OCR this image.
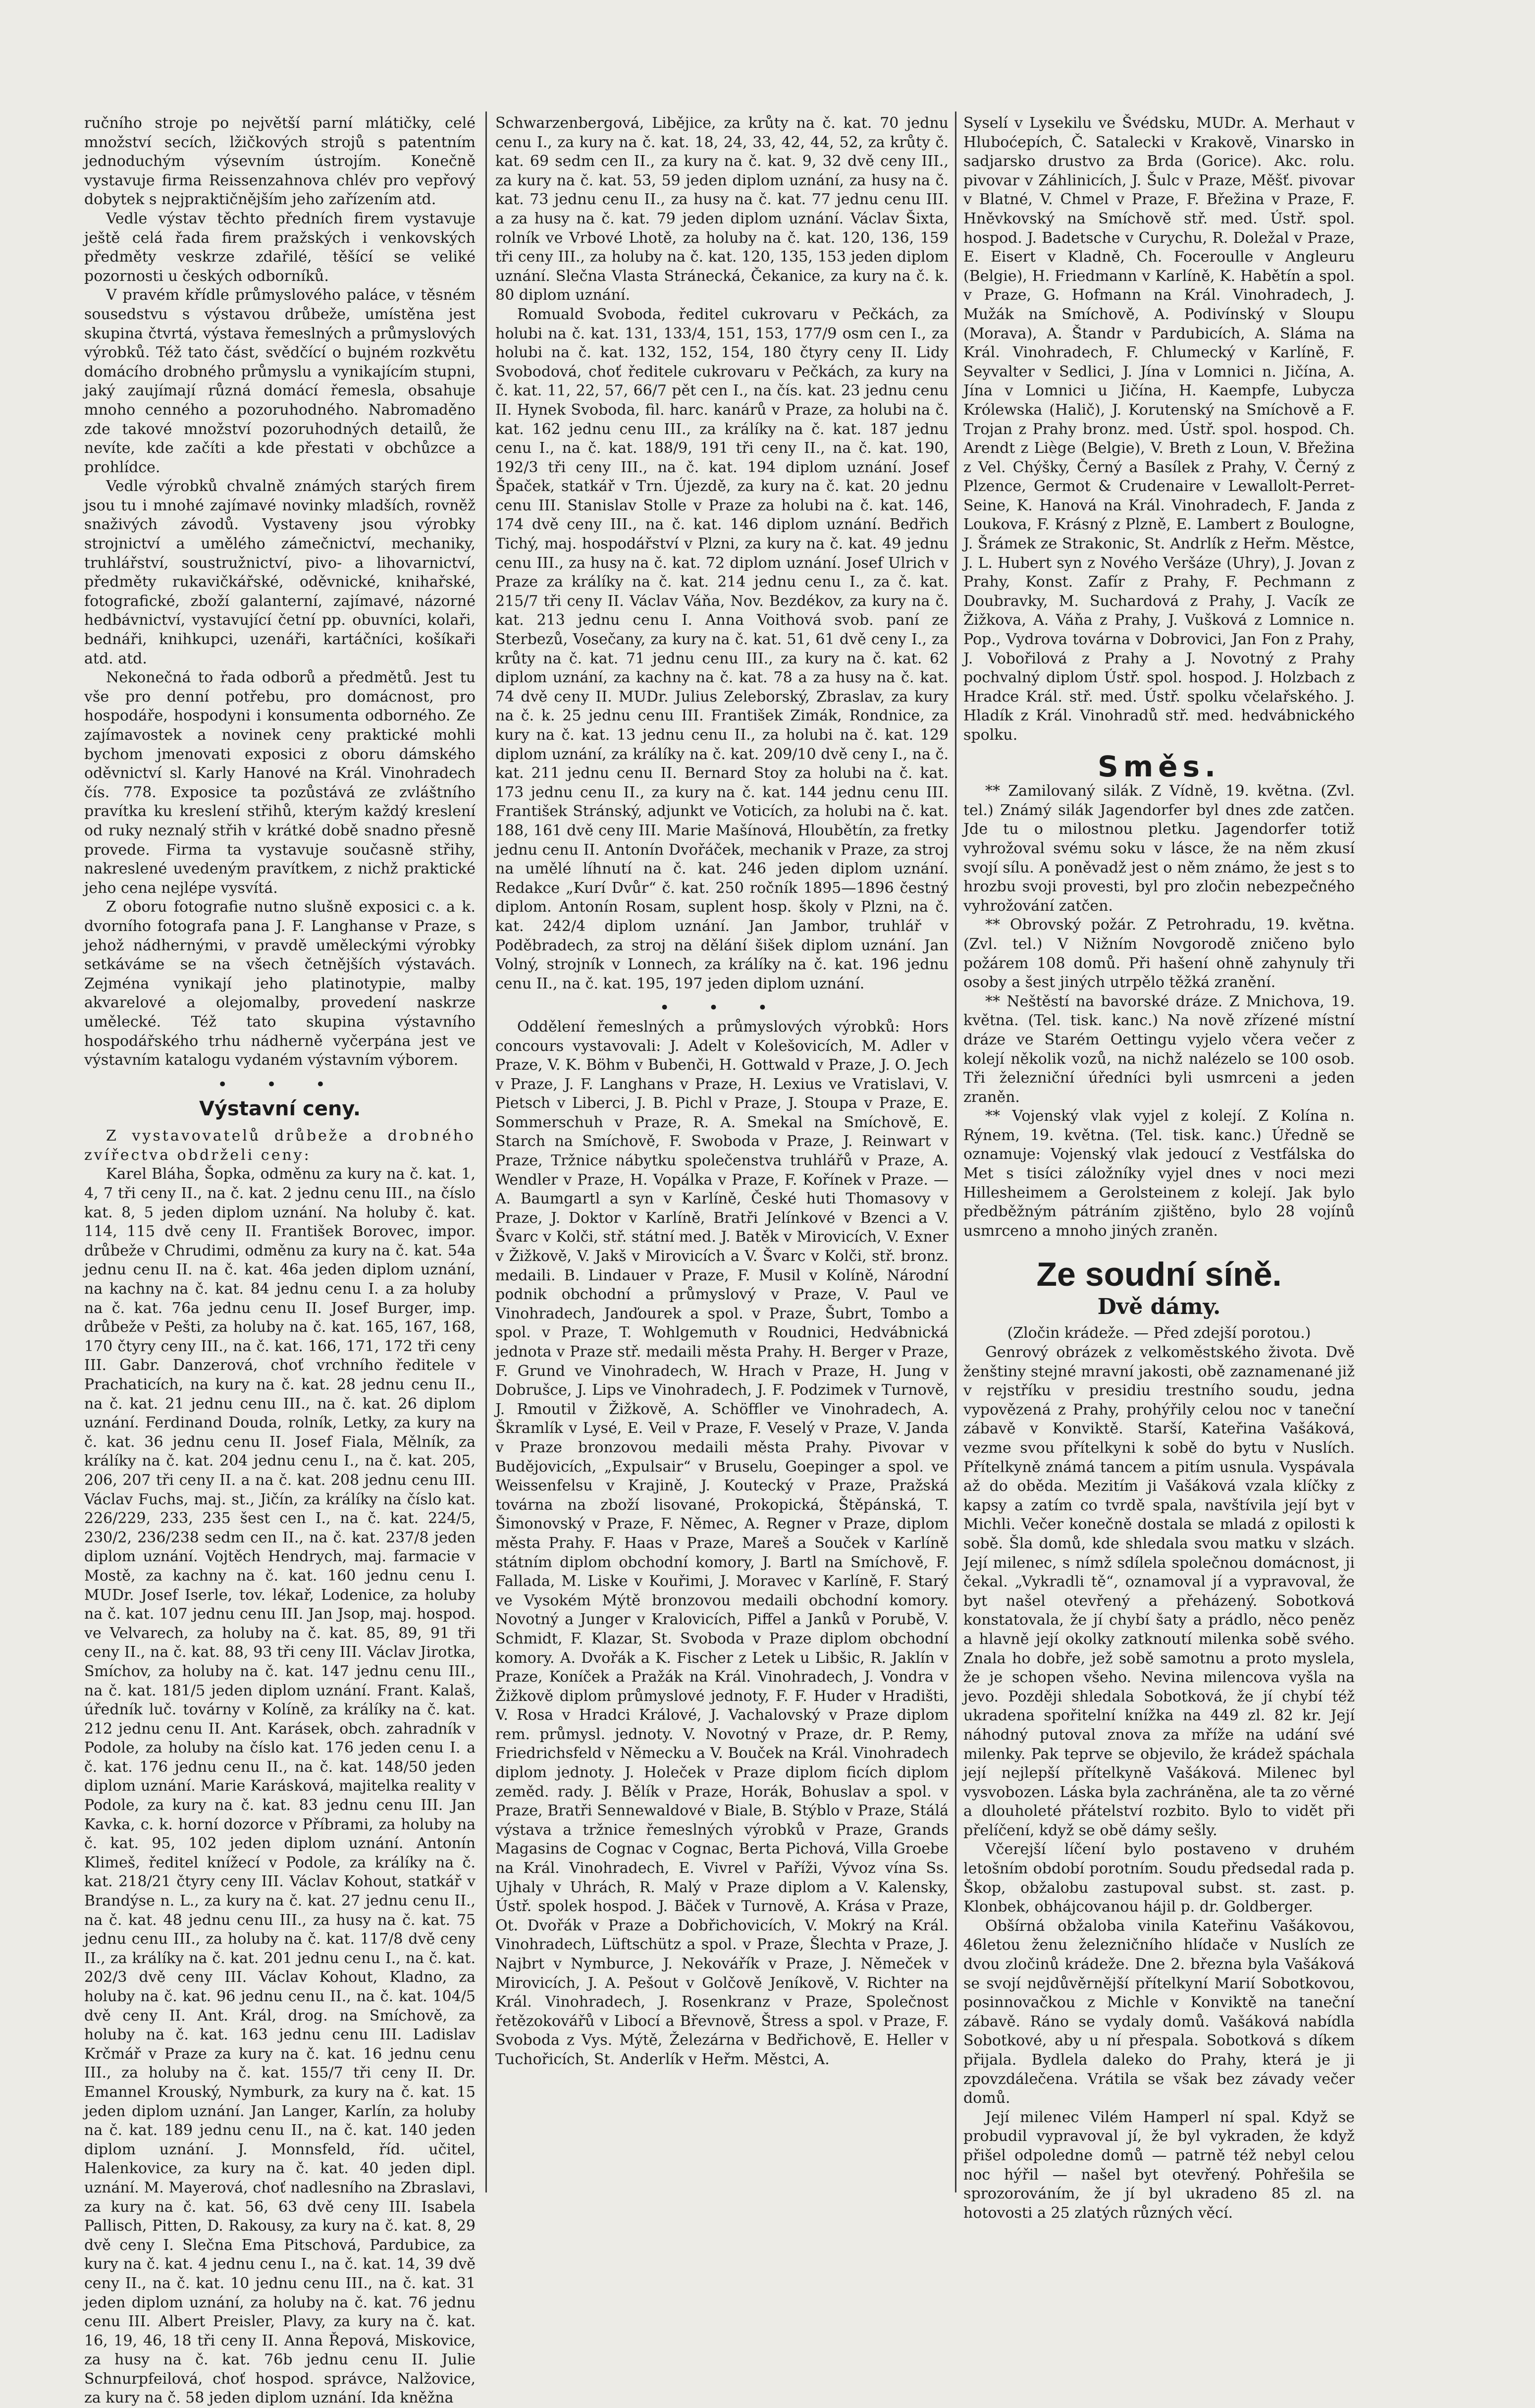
ručního stroje po největší parní mlátičky, celé množství secích, lžičkových strojů s patentním jednoduchým výsevním ústrojím. Konečně vystavuje firma Reissenzahnova chlév pro vepřový dobytek s nejpraktičnějším jeho zařízením atd.

Vedle výstav těchto předních firem vystavuje ještě celá řada firem pražských i venkovských předměty veskrze zdařilé, těšící se veliké pozornosti u českých odborníků.

V pravém křídle průmyslového paláce, v těsném sousedstvu s výstavou drůbeže, umístěna jest skupina čtvrtá, výstava řemeslných a průmyslových výrobků. Též tato část, svědčící o bujném rozkvětu domácího drobného průmyslu a vynikajícím stupni, jaký zaujímají různá domácí řemesla, obsahuje mnoho cenného a pozoruhodného. Nabromaděno zde takové množství pozoruhodných detailů, že nevíte, kde začíti a kde přestati v obchůzce a prohlídce.

Vedle výrobků chvalně známých starých firem jsou tu i mnohé zajímavé novinky mladších, rovněž snaživých závodů. Vystaveny jsou výrobky strojnictví a umělého zámečnictví, mechaniky, truhlářství, soustružnictví, pivo- a lihovarnictví, předměty rukavičkářské, oděvnické, knihařské, fotografické, zboží galanterní, zajímavé, názorné hedbávnictví, vystavující četní pp. obuvníci, kolaři, bednáři, knihkupci, uzenáři, kartáčníci, košíkaři atd. atd.

Nekonečná to řada odborů a předmětů. Jest tu vše pro denní potřebu, pro domácnost, pro hospodáře, hospodyni i konsumenta odborného. Ze zajímavostek a novinek ceny praktické mohli bychom jmenovati exposici z oboru dámského oděvnictví sl. Karly Hanové na Král. Vinohradech čís. 778. Exposice ta pozůstává ze zvláštního pravítka ku kreslení střihů, kterým každý kreslení od ruky neznalý střih v krátké době snadno přesně provede. Firma ta vystavuje současně střihy, nakreslené uvedeným pravítkem, z nichž praktické jeho cena nejlépe vysvítá.

Z oboru fotografie nutno slušně exposici c. a k. dvorního fotografa pana J. F. Langhanse v Praze, s jehož nádhernými, v pravdě uměleckými výrobky setkáváme se na všech četnějších výstavách. Zejména vynikají jeho platinotypie, malby akvarelové a olejomalby, provedení naskrze umělecké. Též tato skupina výstavního hospodářského trhu nádherně vyčerpána jest ve výstavním katalogu vydaném výstavním výborem.

• • •
Výstavní ceny.

Z vystavovatelů drůbeže a drobného zvířectva obdrželi ceny:

Karel Bláha, Šopka, odměnu za kury na č. kat. 1, 4, 7 tři ceny II., na č. kat. 2 jednu cenu III., na číslo kat. 8, 5 jeden diplom uznání. Na holuby č. kat. 114, 115 dvě ceny II. František Borovec, impor. drůbeže v Chrudimi, odměnu za kury na č. kat. 54a jednu cenu II. na č. kat. 46a jeden diplom uznání, na kachny na č. kat. 84 jednu cenu I. a za holuby na č. kat. 76a jednu cenu II. Josef Burger, imp. drůbeže v Pešti, za holuby na č. kat. 165, 167, 168, 170 čtyry ceny III., na č. kat. 166, 171, 172 tři ceny III. Gabr. Danzerová, choť vrchního ředitele v Prachaticích, na kury na č. kat. 28 jednu cenu II., na č. kat. 21 jednu cenu III., na č. kat. 26 diplom uznání. Ferdinand Douda, rolník, Letky, za kury na č. kat. 36 jednu cenu II. Josef Fiala, Mělník, za králíky na č. kat. 204 jednu cenu I., na č. kat. 205, 206, 207 tři ceny II. a na č. kat. 208 jednu cenu III. Václav Fuchs, maj. st., Jičín, za králíky na číslo kat. 226/229, 233, 235 šest cen I., na č. kat. 224/5, 230/2, 236/238 sedm cen II., na č. kat. 237/8 jeden diplom uznání. Vojtěch Hendrych, maj. farmacie v Mostě, za kachny na č. kat. 160 jednu cenu I. MUDr. Josef Iserle, tov. lékař, Lodenice, za holuby na č. kat. 107 jednu cenu III. Jan Jsop, maj. hospod. ve Velvarech, za holuby na č. kat. 85, 89, 91 tři ceny II., na č. kat. 88, 93 tři ceny III. Václav Jirotka, Smíchov, za holuby na č. kat. 147 jednu cenu III., na č. kat. 181/5 jeden diplom uznání. Frant. Kalaš, úředník luč. továrny v Kolíně, za králíky na č. kat. 212 jednu cenu II. Ant. Karásek, obch. zahradník v Podole, za holuby na číslo kat. 176 jeden cenu I. a č. kat. 176 jednu cenu II., na č. kat. 148/50 jeden diplom uznání. Marie Karásková, majitelka reality v Podole, za kury na č. kat. 83 jednu cenu III. Jan Kavka, c. k. horní dozorce v Příbrami, za holuby na č. kat. 95, 102 jeden diplom uznání. Antonín Klimeš, ředitel knížecí v Podole, za králíky na č. kat. 218/21 čtyry ceny III. Václav Kohout, statkář v Brandýse n. L., za kury na č. kat. 27 jednu cenu II., na č. kat. 48 jednu cenu III., za husy na č. kat. 75 jednu cenu III., za holuby na č. kat. 117/8 dvě ceny II., za králíky na č. kat. 201 jednu cenu I., na č. kat. 202/3 dvě ceny III. Václav Kohout, Kladno, za holuby na č. kat. 96 jednu cenu II., na č. kat. 104/5 dvě ceny II. Ant. Král, drog. na Smíchově, za holuby na č. kat. 163 jednu cenu III. Ladislav Krčmář v Praze za kury na č. kat. 16 jednu cenu III., za holuby na č. kat. 155/7 tři ceny II. Dr. Emannel Krouský, Nymburk, za kury na č. kat. 15 jeden diplom uznání. Jan Langer, Karlín, za holuby na č. kat. 189 jednu cenu II., na č. kat. 140 jeden diplom uznání. J. Monnsfeld, říd. učitel, Halenkovice, za kury na č. kat. 40 jeden dipl. uznání. M. Mayerová, choť nadlesního na Zbraslavi, za kury na č. kat. 56, 63 dvě ceny III. Isabela Pallisch, Pitten, D. Rakousy, za kury na č. kat. 8, 29 dvě ceny I. Slečna Ema Pitschová, Pardubice, za kury na č. kat. 4 jednu cenu I., na č. kat. 14, 39 dvě ceny II., na č. kat. 10 jednu cenu III., na č. kat. 31 jeden diplom uznání, za holuby na č. kat. 76 jednu cenu III. Albert Preisler, Plavy, za kury na č. kat. 16, 19, 46, 18 tři ceny II. Anna Řepová, Miskovice, za husy na č. kat. 76b jednu cenu II. Julie Schnurpfeilová, choť hospod. správce, Nalžovice, za kury na č. 58 jeden diplom uznání. Ida kněžna

Schwarzenbergová, Libějice, za krůty na č. kat. 70 jednu cenu I., za kury na č. kat. 18, 24, 33, 42, 44, 52, za krůty č. kat. 69 sedm cen II., za kury na č. kat. 9, 32 dvě ceny III., za kury na č. kat. 53, 59 jeden diplom uznání, za husy na č. kat. 73 jednu cenu II., za husy na č. kat. 77 jednu cenu III. a za husy na č. kat. 79 jeden diplom uznání. Václav Šixta, rolník ve Vrbové Lhotě, za holuby na č. kat. 120, 136, 159 tři ceny III., za holuby na č. kat. 120, 135, 153 jeden diplom uznání. Slečna Vlasta Stránecká, Čekanice, za kury na č. k. 80 diplom uznání.

Romuald Svoboda, ředitel cukrovaru v Pečkách, za holubi na č. kat. 131, 133/4, 151, 153, 177/9 osm cen I., za holubi na č. kat. 132, 152, 154, 180 čtyry ceny II. Lidy Svobodová, choť ředitele cukrovaru v Pečkách, za kury na č. kat. 11, 22, 57, 66/7 pět cen I., na čís. kat. 23 jednu cenu II. Hynek Svoboda, fil. harc. kanárů v Praze, za holubi na č. kat. 162 jednu cenu III., za králíky na č. kat. 187 jednu cenu I., na č. kat. 188/9, 191 tři ceny II., na č. kat. 190, 192/3 tři ceny III., na č. kat. 194 diplom uznání. Josef Špaček, statkář v Trn. Újezdě, za kury na č. kat. 20 jednu cenu III. Stanislav Stolle v Praze za holubi na č. kat. 146, 174 dvě ceny III., na č. kat. 146 diplom uznání. Bedřich Tichý, maj. hospodářství v Plzni, za kury na č. kat. 49 jednu cenu III., za husy na č. kat. 72 diplom uznání. Josef Ulrich v Praze za králíky na č. kat. 214 jednu cenu I., za č. kat. 215/7 tři ceny II. Václav Váňa, Nov. Bezdékov, za kury na č. kat. 213 jednu cenu I. Anna Voithová svob. paní ze Sterbezů, Vosečany, za kury na č. kat. 51, 61 dvě ceny I., za krůty na č. kat. 71 jednu cenu III., za kury na č. kat. 62 diplom uznání, za kachny na č. kat. 78 a za husy na č. kat. 74 dvě ceny II. MUDr. Julius Zeleborský, Zbraslav, za kury na č. k. 25 jednu cenu III. František Zimák, Rondnice, za kury na č. kat. 13 jednu cenu II., za holubi na č. kat. 129 diplom uznání, za králíky na č. kat. 209/10 dvě ceny I., na č. kat. 211 jednu cenu II. Bernard Stoy za holubi na č. kat. 173 jednu cenu II., za kury na č. kat. 144 jednu cenu III. František Stránský, adjunkt ve Voticích, za holubi na č. kat. 188, 161 dvě ceny III. Marie Mašínová, Hloubětín, za fretky jednu cenu II. Antonín Dvořáček, mechanik v Praze, za stroj na umělé líhnutí na č. kat. 246 jeden diplom uznání. Redakce „Kurí Dvůr“ č. kat. 250 ročník 1895—1896 čestný diplom. Antonín Rosam, suplent hosp. školy v Plzni, na č. kat. 242/4 diplom uznání. Jan Jambor, truhlář v Poděbradech, za stroj na dělání šišek diplom uznání. Jan Volný, strojník v Lonnech, za králíky na č. kat. 196 jednu cenu II., na č. kat. 195, 197 jeden diplom uznání.

• • •

Oddělení řemeslných a průmyslových výrobků: Hors concours vystavovali: J. Adelt v Kolešovicích, M. Adler v Praze, V. K. Böhm v Bubenči, H. Gottwald v Praze, J. O. Jech v Praze, J. F. Langhans v Praze, H. Lexius ve Vratislavi, V. Pietsch v Liberci, J. B. Pichl v Praze, J. Stoupa v Praze, E. Sommerschuh v Praze, R. A. Smekal na Smíchově, E. Starch na Smíchově, F. Swoboda v Praze, J. Reinwart v Praze, Tržnice nábytku společenstva truhlářů v Praze, A. Wendler v Praze, H. Vopálka v Praze, F. Kořínek v Praze. — A. Baumgartl a syn v Karlíně, České huti Thomasovy v Praze, J. Doktor v Karlíně, Bratři Jelínkové v Bzenci a V. Švarc v Kolči, stř. státní med. J. Batěk v Mirovicích, V. Exner v Žižkově, V. Jakš v Mirovicích a V. Švarc v Kolči, stř. bronz. medaili. B. Lindauer v Praze, F. Musil v Kolíně, Národní podnik obchodní a průmyslový v Praze, V. Paul ve Vinohradech, Janďourek a spol. v Praze, Šubrt, Tombo a spol. v Praze, T. Wohlgemuth v Roudnici, Hedvábnická jednota v Praze stř. medaili města Prahy. H. Berger v Praze, F. Grund ve Vinohradech, W. Hrach v Praze, H. Jung v Dobrušce, J. Lips ve Vinohradech, J. F. Podzimek v Turnově, J. Rmoutil v Žižkově, A. Schöffler ve Vinohradech, A. Škramlík v Lysé, E. Veil v Praze, F. Veselý v Praze, V. Janda v Praze bronzovou medaili města Prahy. Pivovar v Budějovicích, „Expulsair“ v Bruselu, Goepinger a spol. ve Weissenfelsu v Krajině, J. Koutecký v Praze, Pražská továrna na zboží lisované, Prokopická, Štěpánská, T. Šimonovský v Praze, F. Němec, A. Regner v Praze, diplom města Prahy. F. Haas v Praze, Mareš a Souček v Karlíně státním diplom obchodní komory, J. Bartl na Smíchově, F. Fallada, M. Liske v Kouřimi, J. Moravec v Karlíně, F. Starý ve Vysokém Mýtě bronzovou medaili obchodní komory. Novotný a Junger v Kralovicích, Piffel a Janků v Porubě, V. Schmidt, F. Klazar, St. Svoboda v Praze diplom obchodní komory. A. Dvořák a K. Fischer z Letek u Libšic, R. Jaklín v Praze, Koníček a Pražák na Král. Vinohradech, J. Vondra v Žižkově diplom průmyslové jednoty, F. F. Huder v Hradišti, V. Rosa v Hradci Králové, J. Vachalovský v Praze diplom rem. průmysl. jednoty. V. Novotný v Praze, dr. P. Remy, Friedrichsfeld v Německu a V. Bouček na Král. Vinohradech diplom jednoty. J. Holeček v Praze diplom ficích diplom zeměd. rady. J. Bělík v Praze, Horák, Bohuslav a spol. v Praze, Bratři Sennewaldové v Biale, B. Stýblo v Praze, Stálá výstava a tržnice řemeslných výrobků v Praze, Grands Magasins de Cognac v Cognac, Berta Pichová, Villa Groebe na Král. Vinohradech, E. Vivrel v Paříži, Vývoz vína Ss. Ujhaly v Uhrách, R. Malý v Praze diplom a V. Kalensky, Ústř. spolek hospod. J. Bäček v Turnově, A. Krása v Praze, Ot. Dvořák v Praze a Dobřichovicích, V. Mokrý na Král. Vinohradech, Lüftschütz a spol. v Praze, Šlechta v Praze, J. Najbrt v Nymburce, J. Nekovářík v Praze, J. Němeček v Mirovicích, J. A. Pešout v Golčově Jeníkově, V. Richter na Král. Vinohradech, J. Rosenkranz v Praze, Společnost řetězokovářů v Libocí a Břevnově, Štress a spol. v Praze, F. Svoboda z Vys. Mýtě, Železárna v Bedřichově, E. Heller v Tuchořicích, St. Anderlík v Heřm. Městci, A.

Syselí v Lysekilu ve Švédsku, MUDr. A. Merhaut v Hluboćepích, Č. Satalecki v Krakově, Vinarsko in sadjarsko drustvo za Brda (Gorice). Akc. rolu. pivovar v Záhlinicích, J. Šulc v Praze, Měšť. pivovar v Blatné, V. Chmel v Praze, F. Břežina v Praze, F. Hněvkovský na Smíchově stř. med. Ústř. spol. hospod. J. Badetsche v Curychu, R. Doležal v Praze, E. Eisert v Kladně, Ch. Foceroulle v Angleuru (Belgie), H. Friedmann v Karlíně, K. Habětín a spol. v Praze, G. Hofmann na Král. Vinohradech, J. Mužák na Smíchově, A. Podivínský v Sloupu (Morava), A. Štandr v Pardubicích, A. Sláma na Král. Vinohradech, F. Chlumecký v Karlíně, F. Seyvalter v Sedlici, J. Jína v Lomnici n. Jičína, A. Jína v Lomnici u Jičína, H. Kaempfe, Lubycza Królewska (Halič), J. Korutenský na Smíchově a F. Trojan z Prahy bronz. med. Ústř. spol. hospod. Ch. Arendt z Liège (Belgie), V. Breth z Loun, V. Břežina z Vel. Chýšky, Černý a Basílek z Prahy, V. Černý z Plzence, Germot & Crudenaire v Lewallolt-Perret-Seine, K. Hanová na Král. Vinohradech, F. Janda z Loukova, F. Krásný z Plzně, E. Lambert z Boulogne, J. Šrámek ze Strakonic, St. Andrlík z Heřm. Městce, J. L. Hubert syn z Nového Veršáze (Uhry), J. Jovan z Prahy, Konst. Zafír z Prahy, F. Pechmann z Doubravky, M. Suchardová z Prahy, J. Vacík ze Žižkova, A. Váňa z Prahy, J. Vušková z Lomnice n. Pop., Vydrova továrna v Dobrovici, Jan Fon z Prahy, J. Vobořilová z Prahy a J. Novotný z Prahy pochvalný diplom Ústř. spol. hospod. J. Holzbach z Hradce Král. stř. med. Ústř. spolku včelařského. J. Hladík z Král. Vinohradů stř. med. hedvábnického spolku.

Směs.

** Zamilovaný silák. Z Vídně, 19. května. (Zvl. tel.) Známý silák Jagendorfer byl dnes zde zatčen. Jde tu o milostnou pletku. Jagendorfer totiž vyhrožoval svému soku v lásce, že na něm zkusí svojí sílu. A poněvadž jest o něm známo, že jest s to hrozbu svoji provesti, byl pro zločin nebezpečného vyhrožování zatčen.

** Obrovský požár. Z Petrohradu, 19. května. (Zvl. tel.) V Nižním Novgorodě zničeno bylo požárem 108 domů. Při hašení ohně zahynuly tři osoby a šest jiných utrpělo těžká zranění.

** Neštěstí na bavorské dráze. Z Mnichova, 19. května. (Tel. tisk. kanc.) Na nově zřízené místní dráze ve Starém Oettingu vyjelo včera večer z kolejí několik vozů, na nichž nalézelo se 100 osob. Tři železniční úředníci byli usmrceni a jeden zraněn.

** Vojenský vlak vyjel z kolejí. Z Kolína n. Rýnem, 19. května. (Tel. tisk. kanc.) Úředně se oznamuje: Vojenský vlak jedoucí z Vestfálska do Met s tisíci záložníky vyjel dnes v noci mezi Hillesheimem a Gerolsteinem z kolejí. Jak bylo předběžným pátráním zjištěno, bylo 28 vojínů usmrceno a mnoho jiných zraněn.

Ze soudní síně.
Dvě dámy.

(Zločin krádeže. — Před zdejší porotou.)

Genrový obrázek z velkoměstského života. Dvě ženštiny stejné mravní jakosti, obě zaznamenané již v rejstříku v presidiu trestního soudu, jedna vypovězená z Prahy, prohýřily celou noc v taneční zábavě v Konviktě. Starší, Kateřina Vašáková, vezme svou přítelkyni k sobě do bytu v Nuslích. Přítelkyně známá tancem a pitím usnula. Vyspávala až do oběda. Mezitím ji Vašáková vzala klíčky z kapsy a zatím co tvrdě spala, navštívila její byt v Michli. Večer konečně dostala se mladá z opilosti k sobě. Šla domů, kde shledala svou matku v slzách. Její milenec, s nímž sdílela společnou domácnost, ji čekal. „Vykradli tě“, oznamoval jí a vypravoval, že byt našel otevřený a přeházený. Sobotková konstatovala, že jí chybí šaty a prádlo, něco peněz a hlavně její okolky zatknoutí milenka sobě svého. Znala ho dobře, jež sobě samotnu a proto myslela, že je schopen všeho. Nevina milencova vyšla na jevo. Později shledala Sobotková, že jí chybí též ukradena spořitelní knížka na 449 zl. 82 kr. Její náhodný putoval znova za mříže na udání své milenky. Pak teprve se objevilo, že krádež spáchala její nejlepší přítelkyně Vašáková. Milenec byl vysvobozen. Láska byla zachráněna, ale ta zo věrné a dlouholeté přátelství rozbito. Bylo to vidět při přelíčení, když se obě dámy sešly.

Včerejší líčení bylo postaveno v druhém letošním období porotním. Soudu předsedal rada p. Škop, obžalobu zastupoval subst. st. zast. p. Klonbek, obhájcovanou hájil p. dr. Goldberger.

Obšírná obžaloba vinila Kateřinu Vašákovou, 46letou ženu železničního hlídače v Nuslích ze dvou zločinů krádeže. Dne 2. března byla Vašáková se svojí nejdůvěrnější přítelkyní Marií Sobotkovou, posinnovačkou z Michle v Konviktě na taneční zábavě. Ráno se vydaly domů. Vašáková nabídla Sobotkové, aby u ní přespala. Sobotková s díkem přijala. Bydlela daleko do Prahy, která je ji zpovzdálečena. Vrátila se však bez závady večer domů.

Její milenec Vilém Hamperl ní spal. Když se probudil vypravoval jí, že byl vykraden, že když přišel odpoledne domů — patrně též nebyl celou noc hýřil — našel byt otevřený. Pohřešila se sprozorováním, že jí byl ukradeno 85 zl. na hotovosti a 25 zlatých různých věcí.
